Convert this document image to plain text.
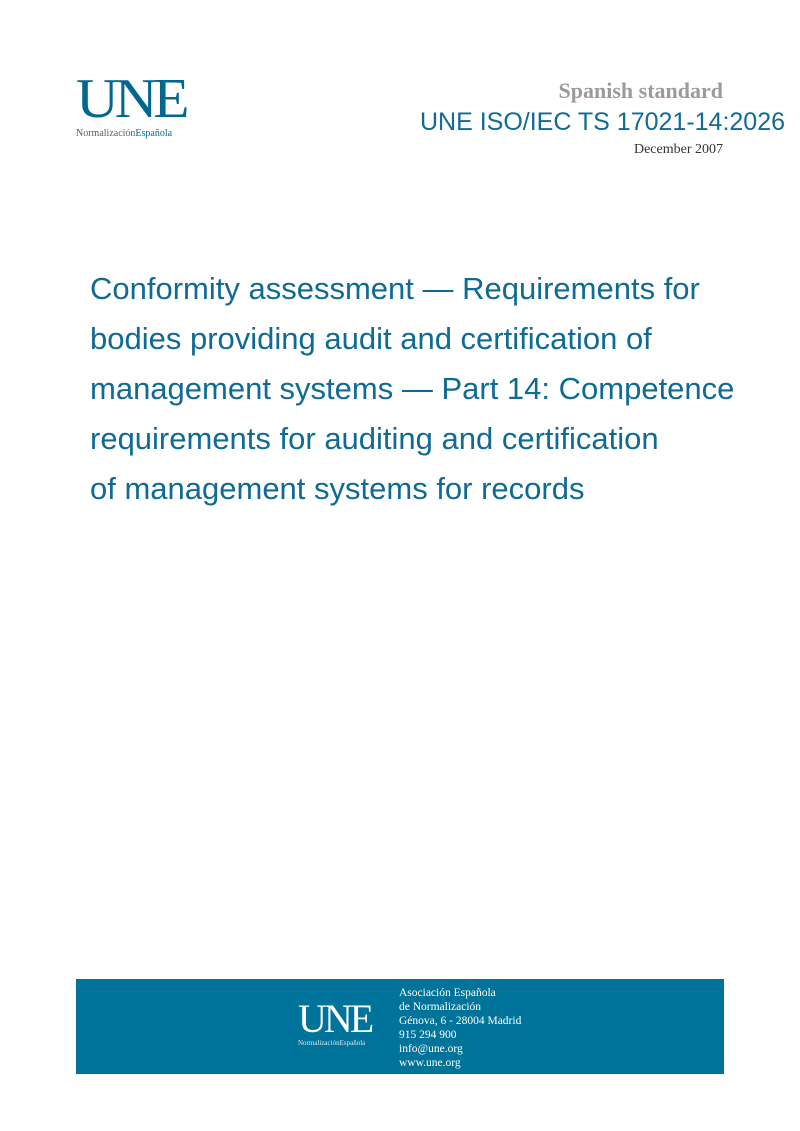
UNE
NormalizaciónEspañola
Spanish standard
UNE ISO/IEC TS 17021-14:2026
December 2007
Conformity assessment — Requirements for
bodies providing audit and certification of
management systems — Part 14: Competence
requirements for auditing and certification
of management systems for records
UNE
NormalizaciónEspañola
Asociación Española
de Normalización
Génova, 6 - 28004 Madrid
915 294 900
info@une.org
www.une.org
